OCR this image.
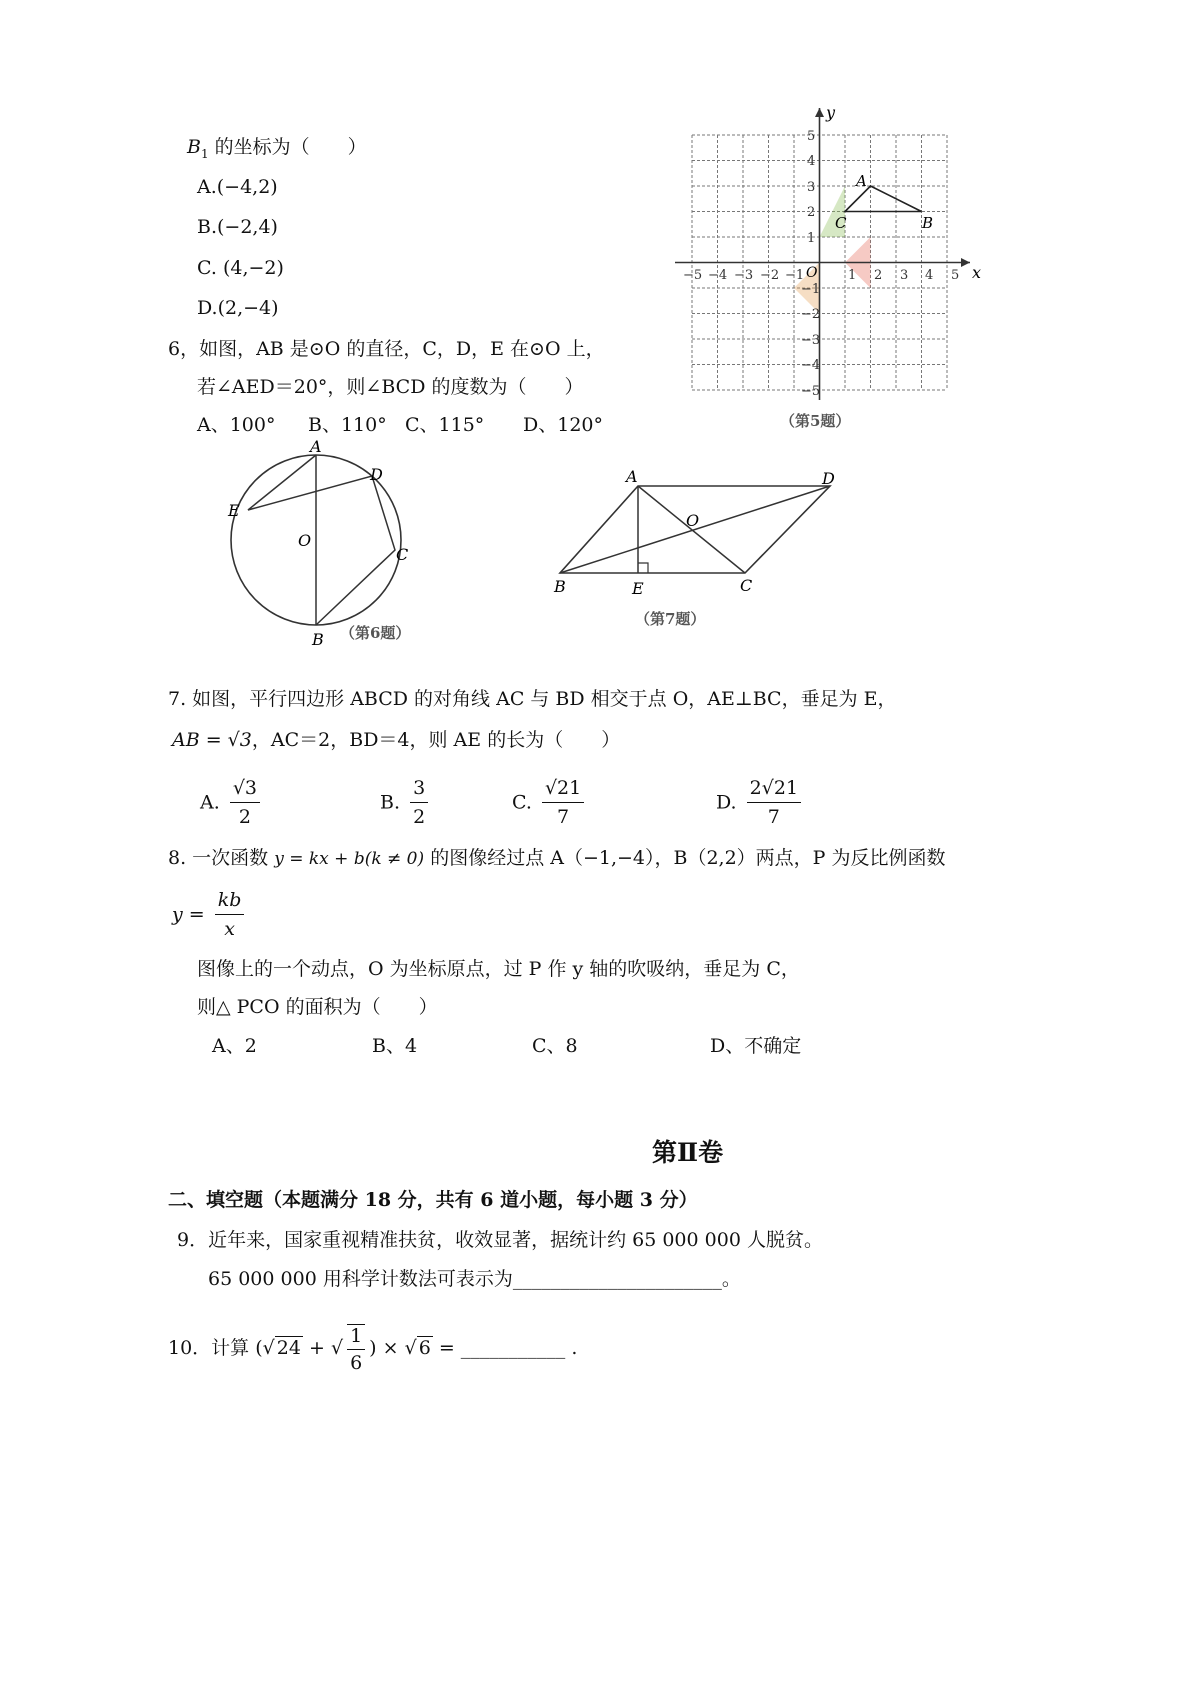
$B_1$ 的坐标为（　　）
A.(−4,2)
B.(−2,4)
C. (4,−2)
D.(2,−4)
x
y
O
−5 −4 −3 −2 −1	1 2 3 4 5
5
4
3
2
1
−1
−2
−3
−4
−5
A
B
C
（第5题）
6，如图，AB 是⊙O 的直径，C，D，E 在⊙O 上，
若∠AED＝20°，则∠BCD 的度数为（　　）
A、100° B、110° C、115° D、120°
A
D
E
O
C
B （第6题）
A	D
O
B	E	C
（第7题）
7. 如图，平行四边形 ABCD 的对角线 AC 与 BD 相交于点 O，AE⊥BC，垂足为 E，
AB = √3，AC＝2，BD＝4，则 AE 的长为（　　）
A. $\frac{√3}{2}$	B. $\frac{3}{2}$	C. $\frac{√21}{7}$	D. $\frac{2√21}{7}$
8. 一次函数 y = kx + b(k ≠ 0) 的图像经过点 A（−1,−4），B（2,2）两点，P 为反比例函数
$y = \frac{kb}{x}$
图像上的一个动点，O 为坐标原点，过 P 作 y 轴的吹吸纳，垂足为 C，
则△ PCO 的面积为（　　）
A、2	B、4	C、8	D、不确定
第Ⅱ卷
二、填空题（本题满分 18 分，共有 6 道小题，每小题 3 分）
9．近年来，国家重视精准扶贫，收效显著，据统计约 65 000 000 人脱贫。
65 000 000 用科学计数法可表示为______________________。
10．计算 (√ 24 + √ $\frac{1}{6}$ ) × √ 6 = ___________ .
